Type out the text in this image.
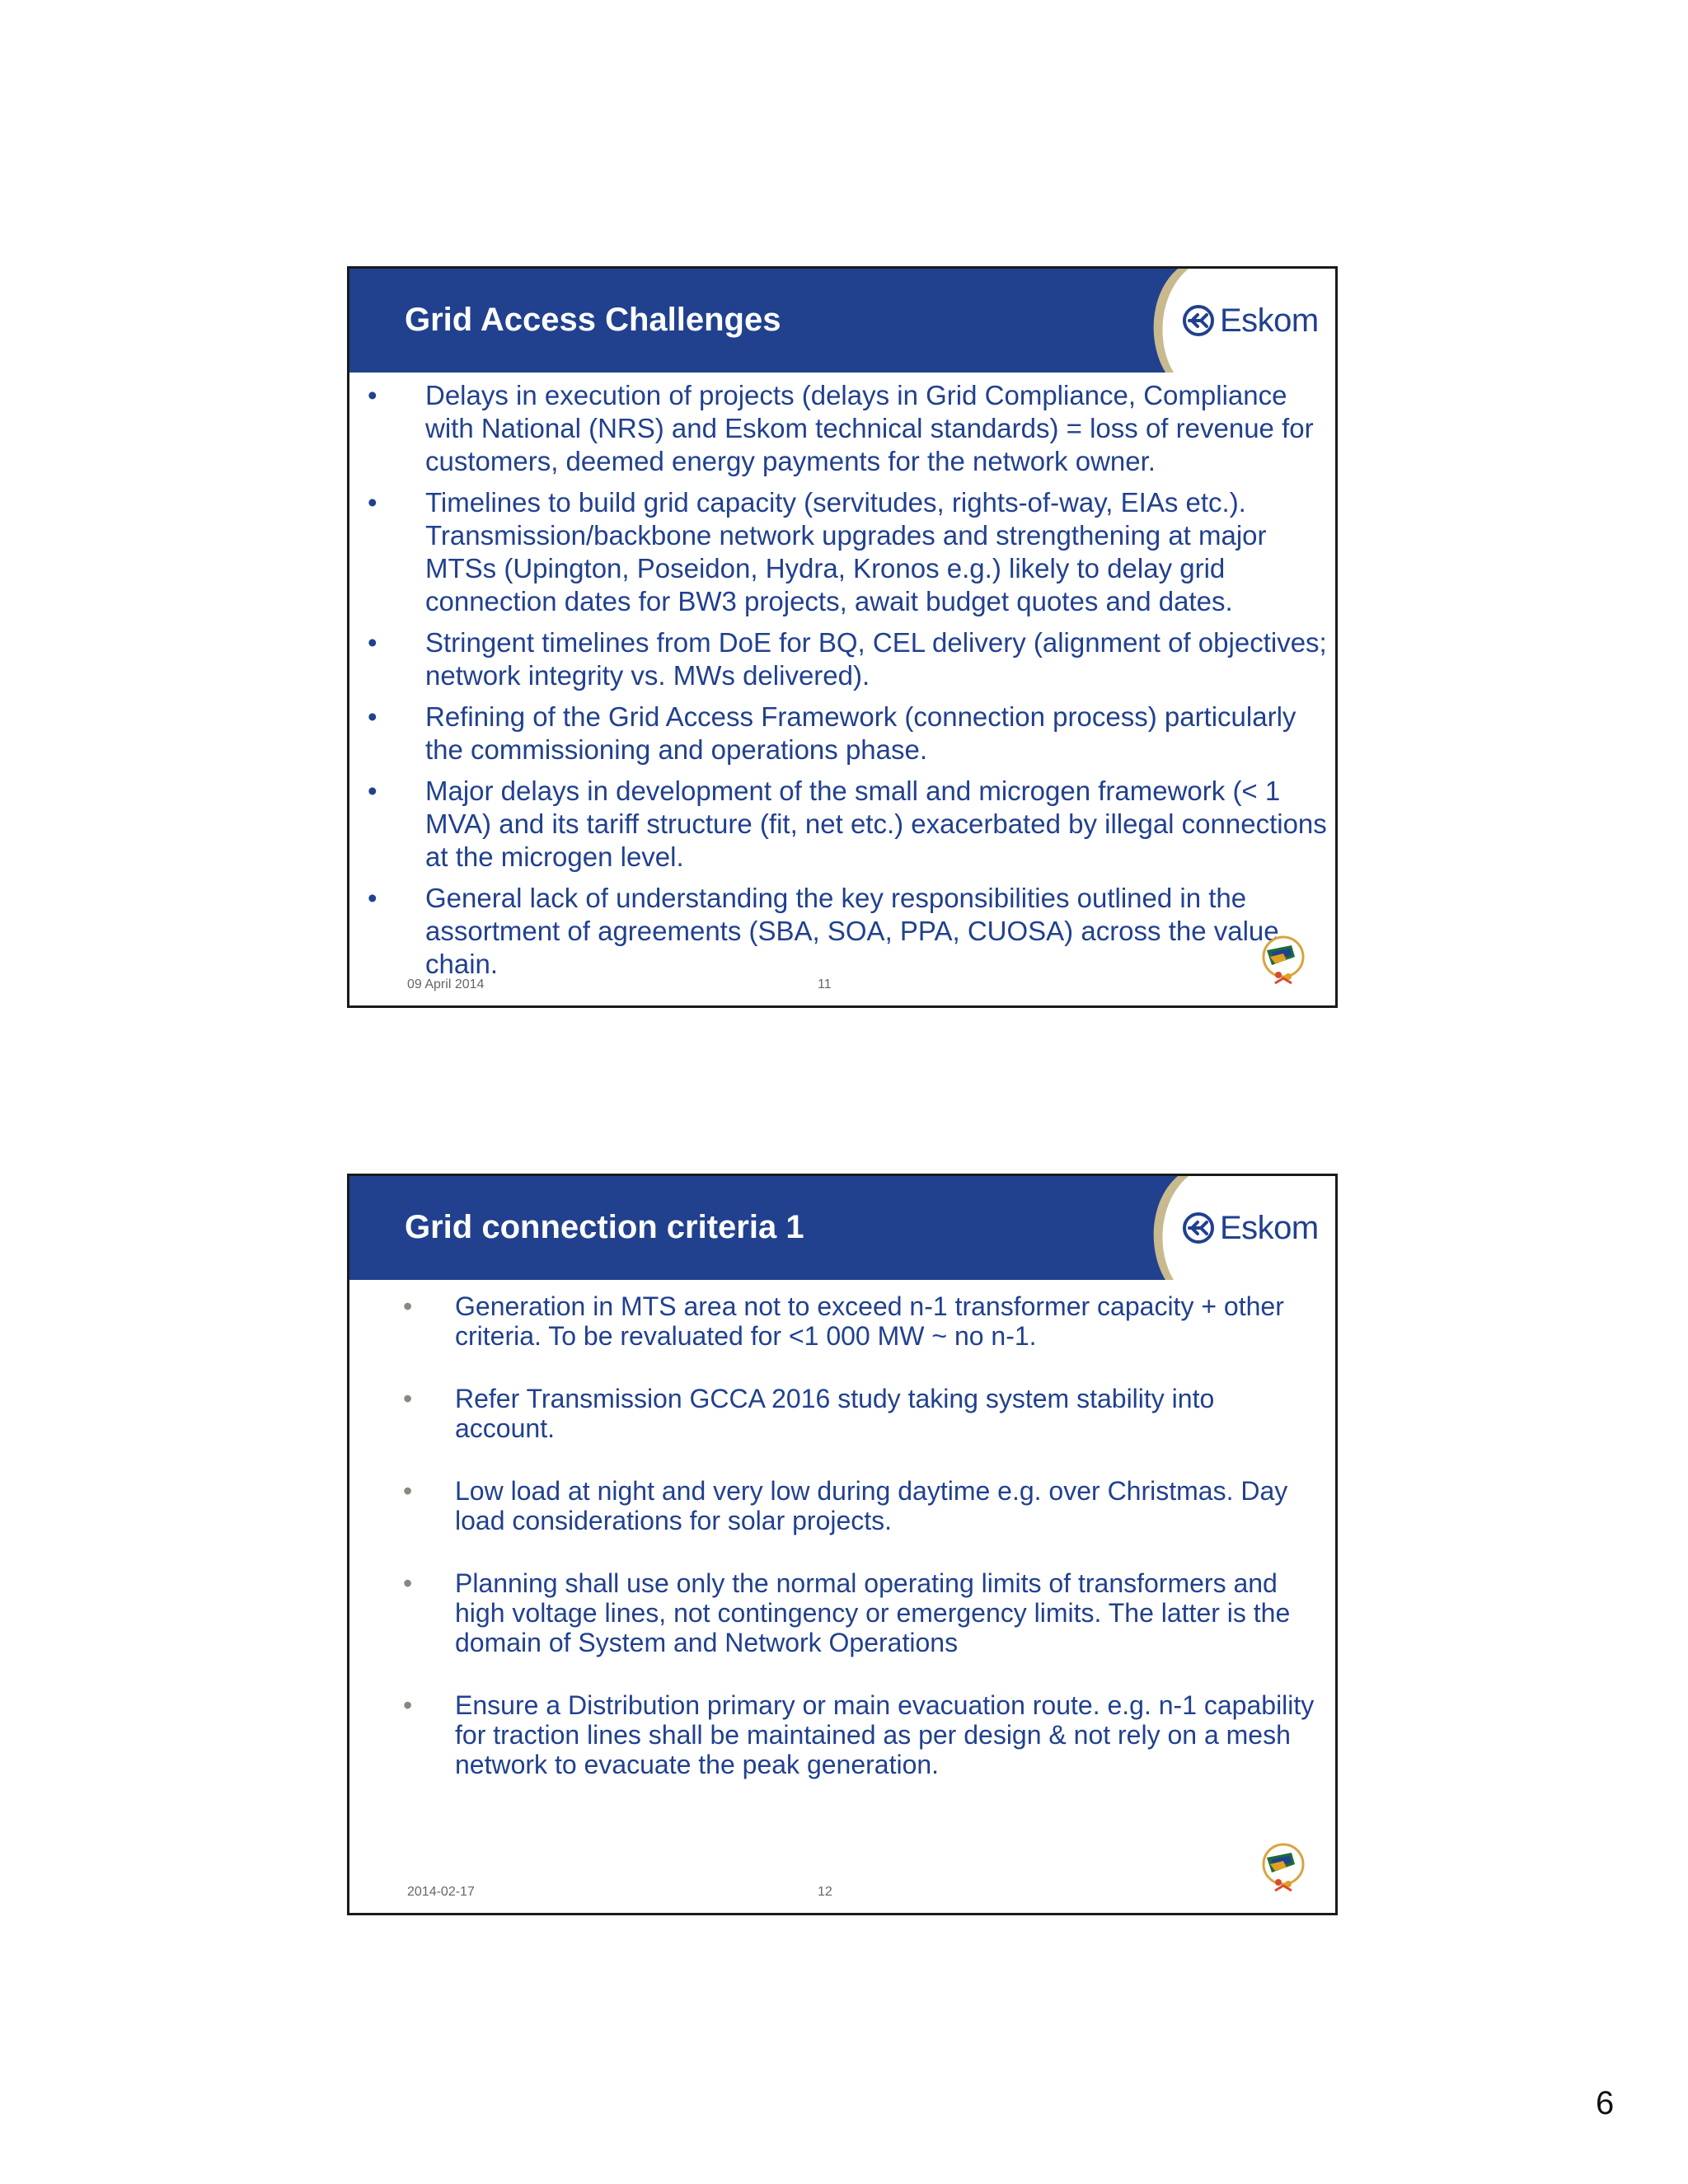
Eskom
Grid Access Challenges
• Delays in execution of projects (delays in Grid Compliance, Compliance with National (NRS) and Eskom technical standards) = loss of revenue for customers, deemed energy payments for the network owner.
• Timelines to build grid capacity (servitudes, rights-of-way, EIAs etc.). Transmission/backbone network upgrades and strengthening at major MTSs (Upington, Poseidon, Hydra, Kronos e.g.) likely to delay grid connection dates for BW3 projects, await budget quotes and dates.
• Stringent timelines from DoE for BQ, CEL delivery (alignment of objectives; network integrity vs. MWs delivered).
• Refining of the Grid Access Framework (connection process) particularly the commissioning and operations phase.
• Major delays in development of the small and microgen framework (< 1 MVA) and its tariff structure (fit, net etc.) exacerbated by illegal connections at the microgen level.
• General lack of understanding the key responsibilities outlined in the assortment of agreements (SBA, SOA, PPA, CUOSA) across the value chain.
09 April 2014	11
Eskom
Grid connection criteria 1
• Generation in MTS area not to exceed n-1 transformer capacity + other criteria. To be revaluated for <1 000 MW ~ no n-1.
• Refer Transmission GCCA 2016 study taking system stability into account.
• Low load at night and very low during daytime e.g. over Christmas. Day load considerations for solar projects.
• Planning shall use only the normal operating limits of transformers and high voltage lines, not contingency or emergency limits. The latter is the domain of System and Network Operations
• Ensure a Distribution primary or main evacuation route. e.g. n-1 capability for traction lines shall be maintained as per design & not rely on a mesh network to evacuate the peak generation.
2014-02-17	12
6
